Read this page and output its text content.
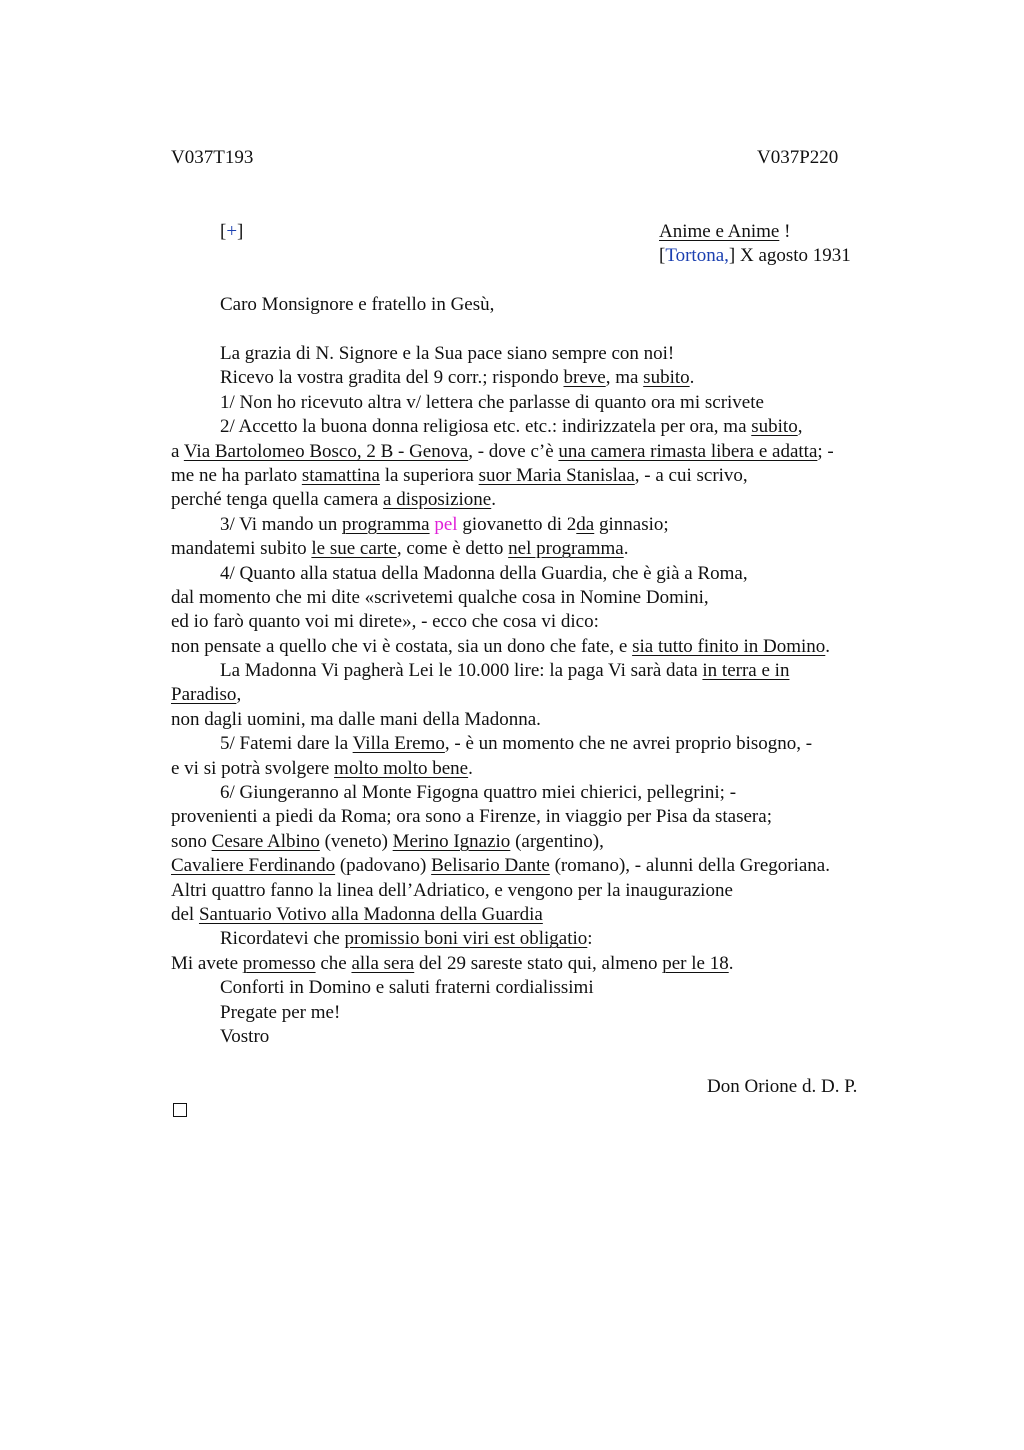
V037T193	V037P220
[+]	Anime e Anime !
[Tortona,] X agosto 1931
Caro Monsignore e fratello in Gesù,
La grazia di N. Signore e la Sua pace siano sempre con noi!
Ricevo la vostra gradita del 9 corr.; rispondo breve, ma subito.
1/ Non ho ricevuto altra v/ lettera che parlasse di quanto ora mi scrivete
2/ Accetto la buona donna religiosa etc. etc.: indirizzatela per ora, ma subito,
a Via Bartolomeo Bosco, 2 B - Genova, - dove c’è una camera rimasta libera e adatta; -
me ne ha parlato stamattina la superiora suor Maria Stanislaa, - a cui scrivo,
perché tenga quella camera a disposizione.
3/ Vi mando un programma pel giovanetto di 2da ginnasio;
mandatemi subito le sue carte, come è detto nel programma.
4/ Quanto alla statua della Madonna della Guardia, che è già a Roma,
dal momento che mi dite «scrivetemi qualche cosa in Nomine Domini,
ed io farò quanto voi mi direte», - ecco che cosa vi dico:
non pensate a quello che vi è costata, sia un dono che fate, e sia tutto finito in Domino.
La Madonna Vi pagherà Lei le 10.000 lire: la paga Vi sarà data in terra e in
Paradiso,
non dagli uomini, ma dalle mani della Madonna.
5/ Fatemi dare la Villa Eremo, - è un momento che ne avrei proprio bisogno, -
e vi si potrà svolgere molto molto bene.
6/ Giungeranno al Monte Figogna quattro miei chierici, pellegrini; -
provenienti a piedi da Roma; ora sono a Firenze, in viaggio per Pisa da stasera;
sono Cesare Albino (veneto) Merino Ignazio (argentino),
Cavaliere Ferdinando (padovano) Belisario Dante (romano), - alunni della Gregoriana.
Altri quattro fanno la linea dell’Adriatico, e vengono per la inaugurazione
del Santuario Votivo alla Madonna della Guardia
Ricordatevi che promissio boni viri est obligatio:
Mi avete promesso che alla sera del 29 sareste stato qui, almeno per le 18.
Conforti in Domino e saluti fraterni cordialissimi
Pregate per me!
Vostro
Don Orione d. D. P.
